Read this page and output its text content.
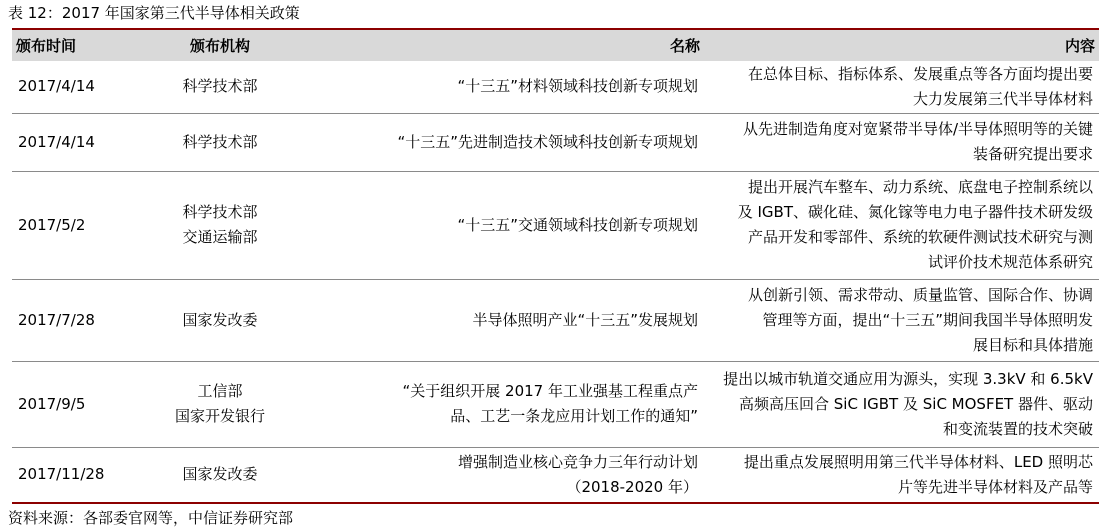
表 12：2017 年国家第三代半导体相关政策
颁布时间	颁布机构	名称	内容
2017/4/14	科学技术部	“十三五”材料领域科技创新专项规划	在总体目标、指标体系、发展重点等各方面均提出要
大力发展第三代半导体材料

2017/4/14	科学技术部	“十三五”先进制造技术领域科技创新专项规划	从先进制造角度对宽紧带半导体/半导体照明等的关键
装备研究提出要求

2017/5/2	科学技术部
交通运输部	“十三五”交通领域科技创新专项规划	提出开展汽车整车、动力系统、底盘电子控制系统以
及 IGBT、碳化硅、氮化镓等电力电子器件技术研发级
产品开发和零部件、系统的软硬件测试技术研究与测
试评价技术规范体系研究

2017/7/28	国家发改委	半导体照明产业“十三五”发展规划	从创新引领、需求带动、质量监管、国际合作、协调
管理等方面，提出“十三五”期间我国半导体照明发
展目标和具体措施

2017/9/5	工信部
国家开发银行	“关于组织开展 2017 年工业强基工程重点产
品、工艺一条龙应用计划工作的通知”	提出以城市轨道交通应用为源头，实现 3.3kV 和 6.5kV
高频高压回合 SiC IGBT 及 SiC MOSFET 器件、驱动
和变流装置的技术突破

2017/11/28	国家发改委	增强制造业核心竞争力三年行动计划
（2018-2020 年）	提出重点发展照明用第三代半导体材料、LED 照明芯
片等先进半导体材料及产品等
资料来源：各部委官网等，中信证券研究部
